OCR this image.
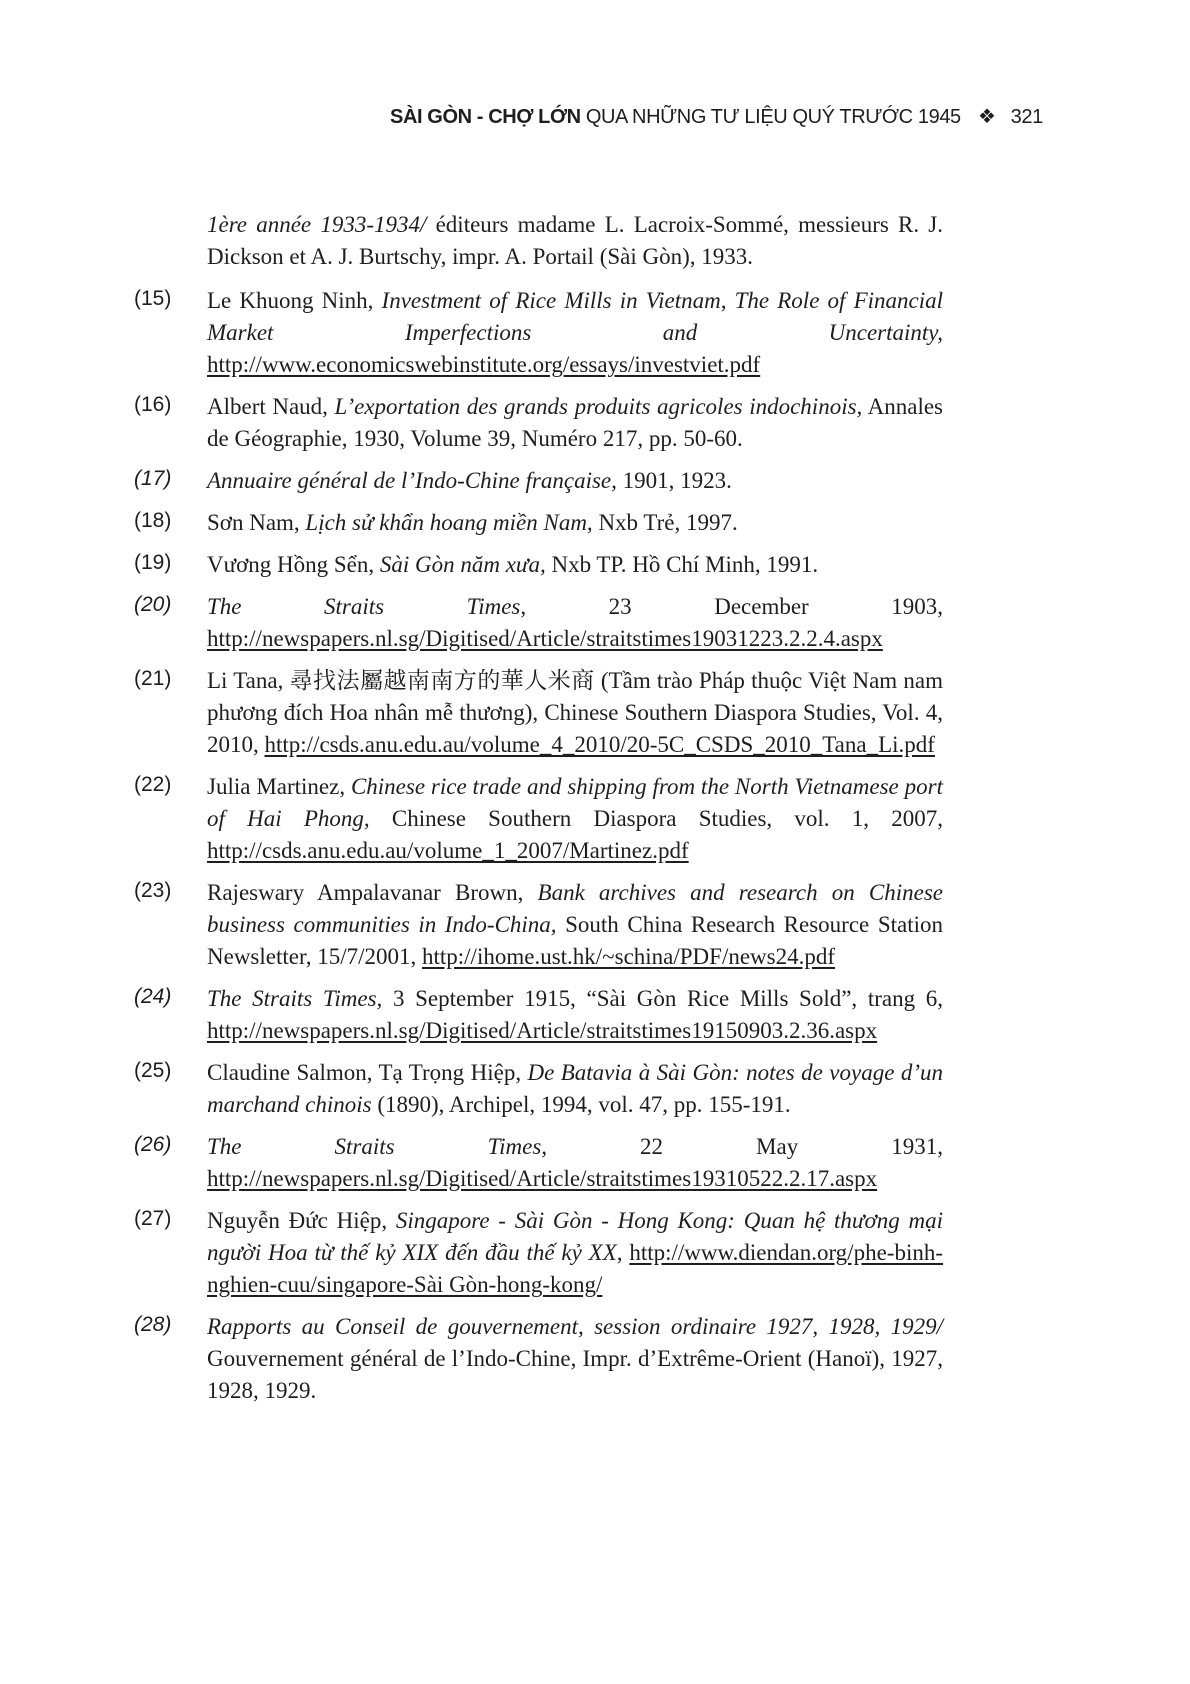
SÀI GÒN - CHỢ LỚN QUA NHỮNG TƯ LIỆU QUÝ TRƯỚC 1945 ❖ 321
1ère année 1933-1934/ éditeurs madame L. Lacroix-Sommé, messieurs R. J. Dickson et A. J. Burtschy, impr. A. Portail (Sài Gòn), 1933.
(15) Le Khuong Ninh, Investment of Rice Mills in Vietnam, The Role of Financial Market Imperfections and Uncertainty, http://www.economicswebinstitute.org/essays/investviet.pdf
(16) Albert Naud, L’exportation des grands produits agricoles indochinois, Annales de Géographie, 1930, Volume 39, Numéro 217, pp. 50-60.
(17) Annuaire général de l’Indo-Chine française, 1901, 1923.
(18) Sơn Nam, Lịch sử khẩn hoang miền Nam, Nxb Trẻ, 1997.
(19) Vương Hồng Sển, Sài Gòn năm xưa, Nxb TP. Hồ Chí Minh, 1991.
(20) The Straits Times, 23 December 1903, http://newspapers.nl.sg/Digitised/Article/straitstimes19031223.2.2.4.aspx
(21) Li Tana, 尋找法屬越南南方的華人米商 (Tầm trào Pháp thuộc Việt Nam nam phương đích Hoa nhân mễ thương), Chinese Southern Diaspora Studies, Vol. 4, 2010, http://csds.anu.edu.au/volume_4_2010/20-5C_CSDS_2010_Tana_Li.pdf
(22) Julia Martinez, Chinese rice trade and shipping from the North Vietnamese port of Hai Phong, Chinese Southern Diaspora Studies, vol. 1, 2007, http://csds.anu.edu.au/volume_1_2007/Martinez.pdf
(23) Rajeswary Ampalavanar Brown, Bank archives and research on Chinese business communities in Indo-China, South China Research Resource Station Newsletter, 15/7/2001, http://ihome.ust.hk/~schina/PDF/news24.pdf
(24) The Straits Times, 3 September 1915, “Sài Gòn Rice Mills Sold”, trang 6, http://newspapers.nl.sg/Digitised/Article/straitstimes19150903.2.36.aspx
(25) Claudine Salmon, Tạ Trọng Hiệp, De Batavia à Sài Gòn: notes de voyage d’un marchand chinois (1890), Archipel, 1994, vol. 47, pp. 155-191.
(26) The Straits Times, 22 May 1931, http://newspapers.nl.sg/Digitised/Article/straitstimes19310522.2.17.aspx
(27) Nguyễn Đức Hiệp, Singapore - Sài Gòn - Hong Kong: Quan hệ thương mại người Hoa từ thế kỷ XIX đến đầu thế kỷ XX, http://www.diendan.org/phe-binh-nghien-cuu/singapore-Sài Gòn-hong-kong/
(28) Rapports au Conseil de gouvernement, session ordinaire 1927, 1928, 1929/ Gouvernement général de l’Indo-Chine, Impr. d’Extrême-Orient (Hanoï), 1927, 1928, 1929.
